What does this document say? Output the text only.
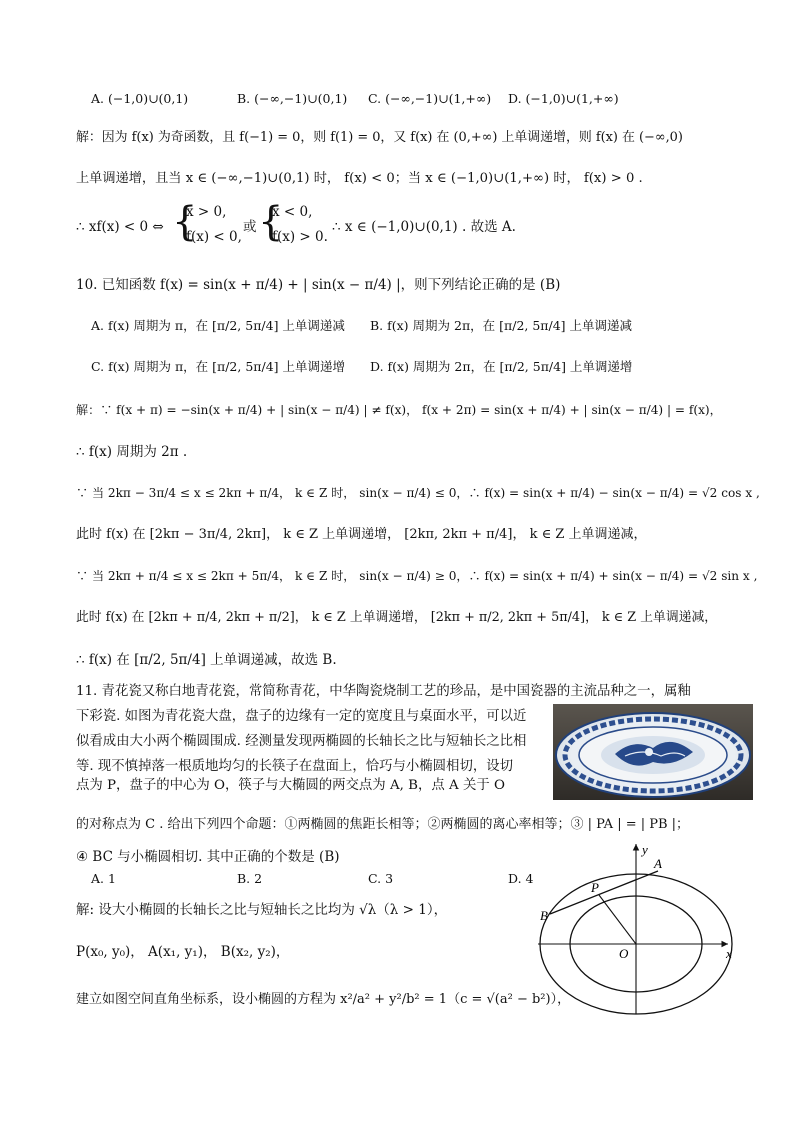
A. (−1,0)∪(0,1)	B. (−∞,−1)∪(0,1) C. (−∞,−1)∪(1,+∞) D. (−1,0)∪(1,+∞)
解：因为 f(x) 为奇函数，且 f(−1) = 0，则 f(1) = 0，又 f(x) 在 (0,+∞) 上单调递增，则 f(x) 在 (−∞,0)
上单调递增，且当 x ∈ (−∞,−1)∪(0,1) 时， f(x) < 0；当 x ∈ (−1,0)∪(1,+∞) 时， f(x) > 0 .
∴ xf(x) < 0 ⇔ {
x > 0,
f(x) < 0,
或 {
x < 0,
f(x) > 0.
∴ x ∈ (−1,0)∪(0,1) . 故选 A.
10. 已知函数 f(x) = sin(x + π/4) + | sin(x − π/4) |，则下列结论正确的是 (B)
A. f(x) 周期为 π，在 [π/2, 5π/4] 上单调递减 B. f(x) 周期为 2π，在 [π/2, 5π/4] 上单调递减
C. f(x) 周期为 π，在 [π/2, 5π/4] 上单调递增 D. f(x) 周期为 2π，在 [π/2, 5π/4] 上单调递增
解：∵ f(x + π) = −sin(x + π/4) + | sin(x − π/4) | ≠ f(x)， f(x + 2π) = sin(x + π/4) + | sin(x − π/4) | = f(x)，
∴ f(x) 周期为 2π .
∵ 当 2kπ − 3π/4 ≤ x ≤ 2kπ + π/4， k ∈ Z 时， sin(x − π/4) ≤ 0，∴ f(x) = sin(x + π/4) − sin(x − π/4) = √2 cos x ,
此时 f(x) 在 [2kπ − 3π/4, 2kπ]， k ∈ Z 上单调递增， [2kπ, 2kπ + π/4]， k ∈ Z 上单调递减，
∵ 当 2kπ + π/4 ≤ x ≤ 2kπ + 5π/4， k ∈ Z 时， sin(x − π/4) ≥ 0，∴ f(x) = sin(x + π/4) + sin(x − π/4) = √2 sin x ,
此时 f(x) 在 [2kπ + π/4, 2kπ + π/2]， k ∈ Z 上单调递增， [2kπ + π/2, 2kπ + 5π/4]， k ∈ Z 上单调递减，
∴ f(x) 在 [π/2, 5π/4] 上单调递减，故选 B.
11. 青花瓷又称白地青花瓷，常简称青花，中华陶瓷烧制工艺的珍品，是中国瓷器的主流品种之一，属釉
下彩瓷. 如图为青花瓷大盘，盘子的边缘有一定的宽度且与桌面水平，可以近
似看成由大小两个椭圆围成. 经测量发现两椭圆的长轴长之比与短轴长之比相
等. 现不慎掉落一根质地均匀的长筷子在盘面上，恰巧与小椭圆相切，设切
点为 P，盘子的中心为 O，筷子与大椭圆的两交点为 A, B，点 A 关于 O
的对称点为 C . 给出下列四个命题：①两椭圆的焦距长相等；②两椭圆的离心率相等；③ | PA | = | PB |；
④ BC 与小椭圆相切. 其中正确的个数是 (B)
A. 1	B. 2	C. 3	D. 4
解: 设大小椭圆的长轴长之比与短轴长之比均为 √λ（λ > 1），
P(x₀, y₀)， A(x₁, y₁)， B(x₂, y₂)，
建立如图空间直角坐标系，设小椭圆的方程为 x²/a² + y²/b² = 1（c = √(a² − b²)），
y
A
P
B
O	x
